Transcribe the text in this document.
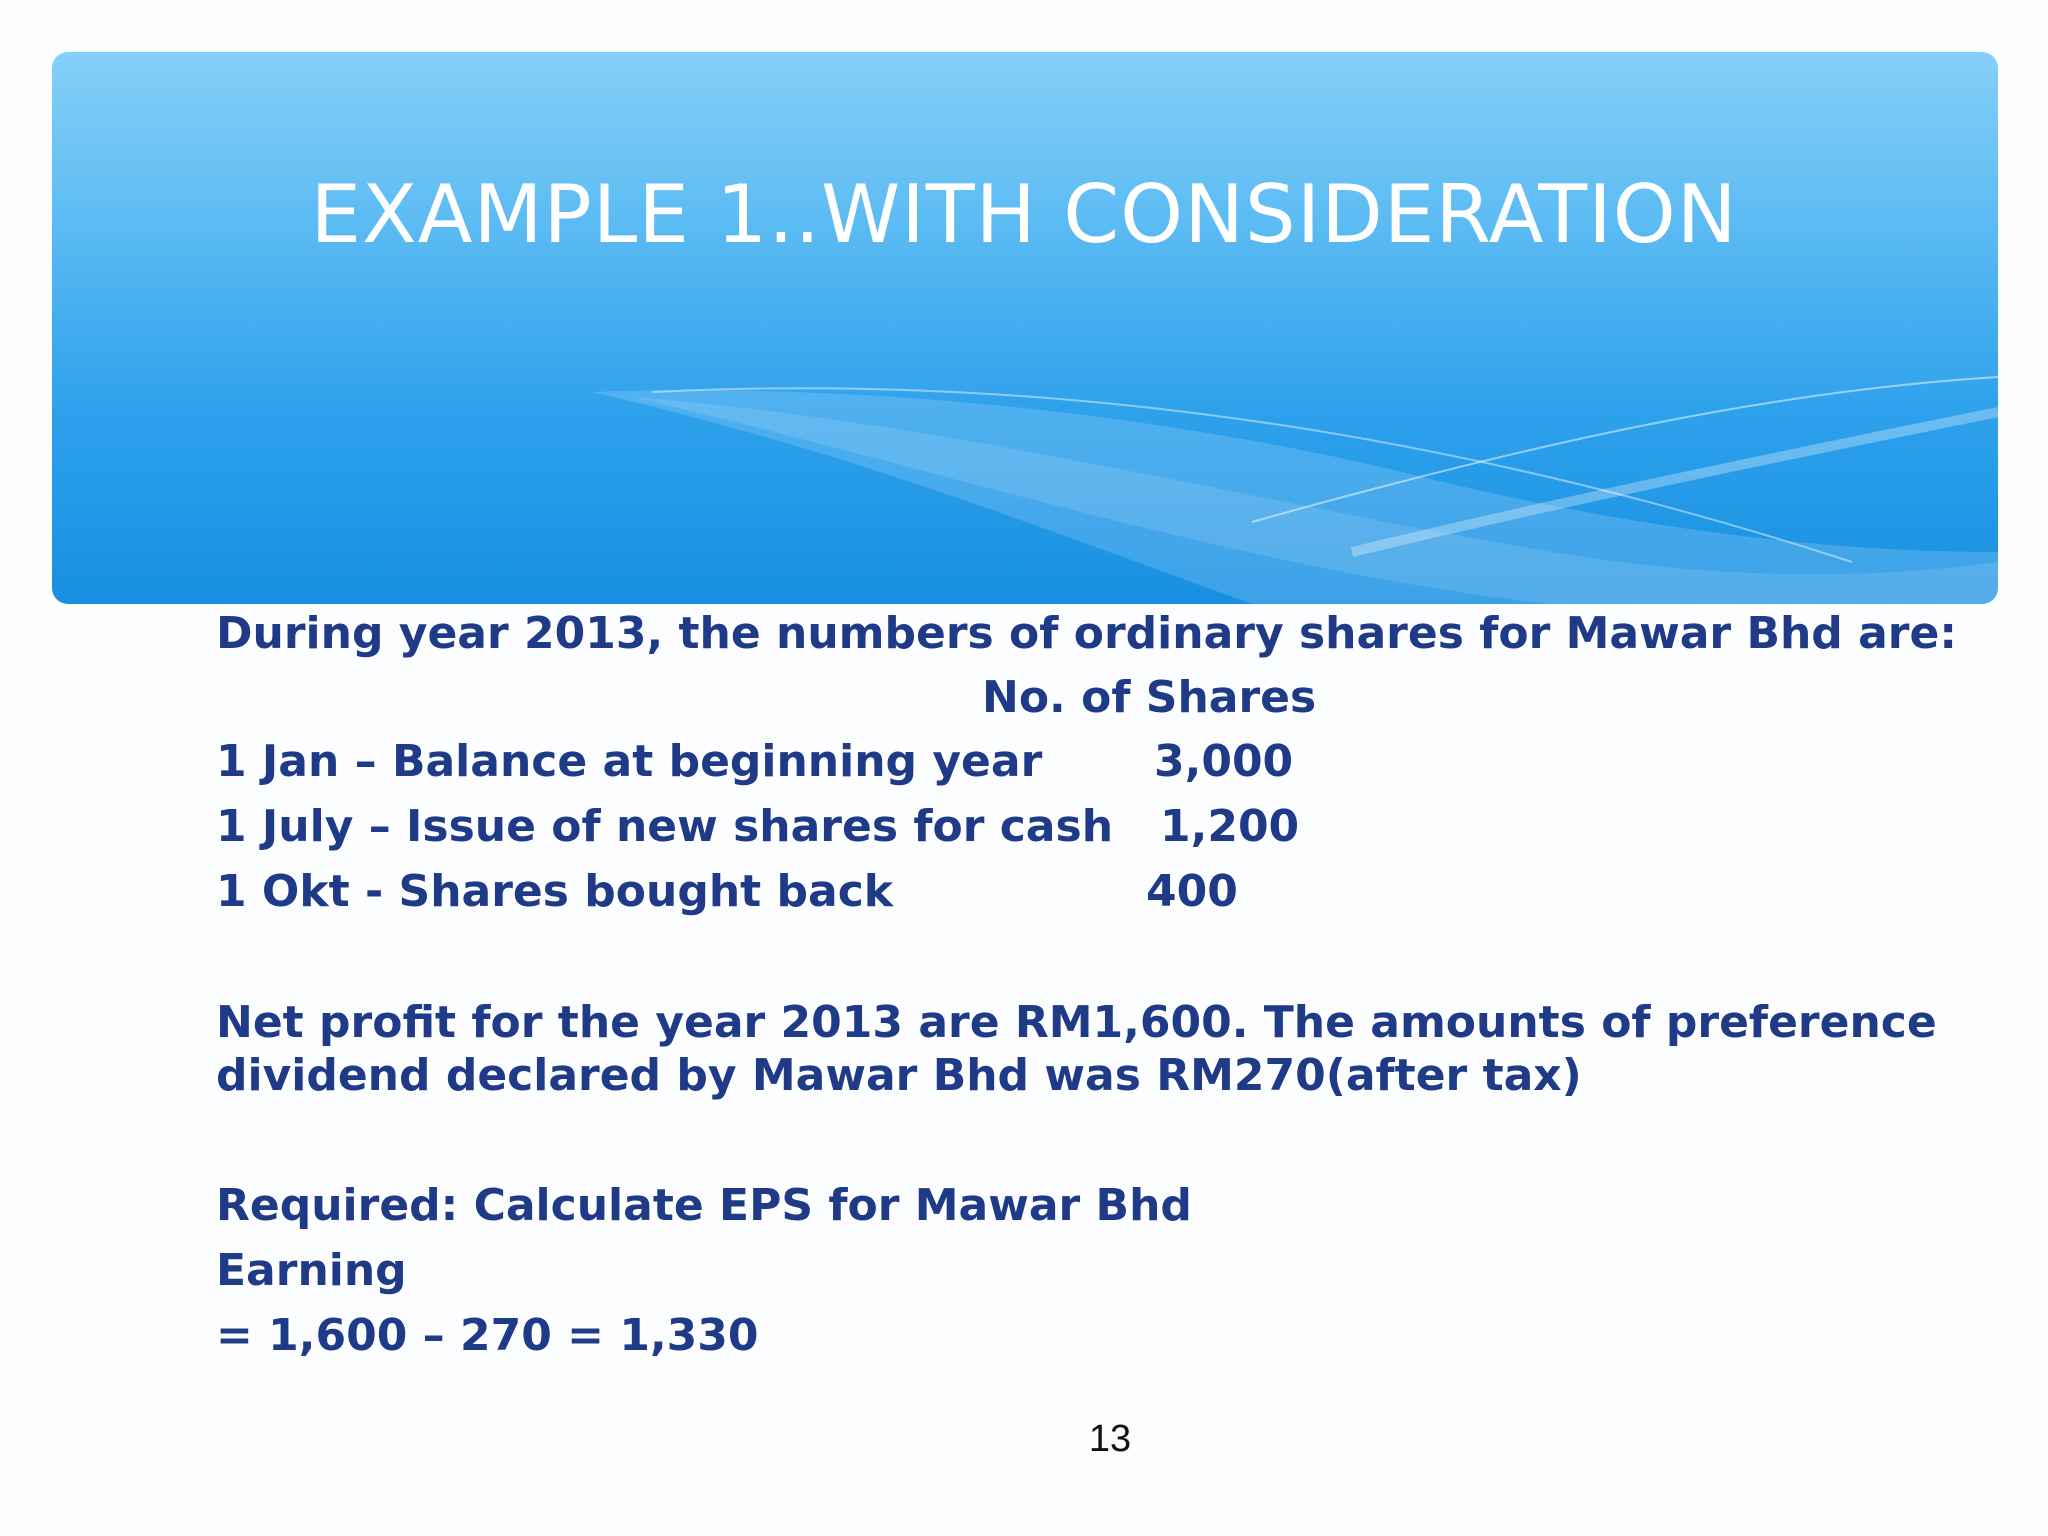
EXAMPLE 1..WITH CONSIDERATION
During year 2013, the numbers of ordinary shares for Mawar Bhd are:
No. of Shares
1 Jan – Balance at beginning year	3,000
1 July – Issue of new shares for cash 1,200
1 Okt - Shares bought back	400
Net profit for the year 2013 are RM1,600. The amounts of preference
dividend declared by Mawar Bhd was RM270(after tax)
Required: Calculate EPS for Mawar Bhd
Earning
= 1,600 – 270 = 1,330
13
